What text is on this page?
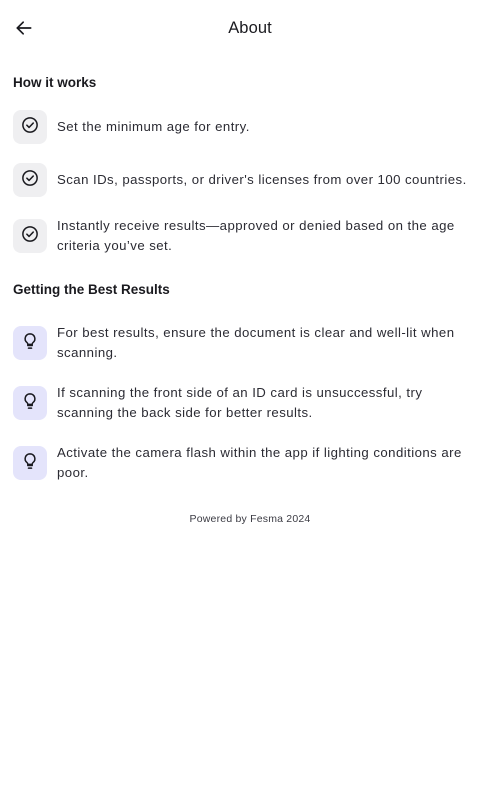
About
How it works
Set the minimum age for entry.
Scan IDs, passports, or driver's licenses from over 100 countries.
Instantly receive results—approved or denied based on the age criteria you’ve set.
Getting the Best Results
For best results, ensure the document is clear and well-lit when scanning.
If scanning the front side of an ID card is unsuccessful, try scanning the back side for better results.
Activate the camera flash within the app if lighting conditions are poor.
Powered by Fesma 2024
